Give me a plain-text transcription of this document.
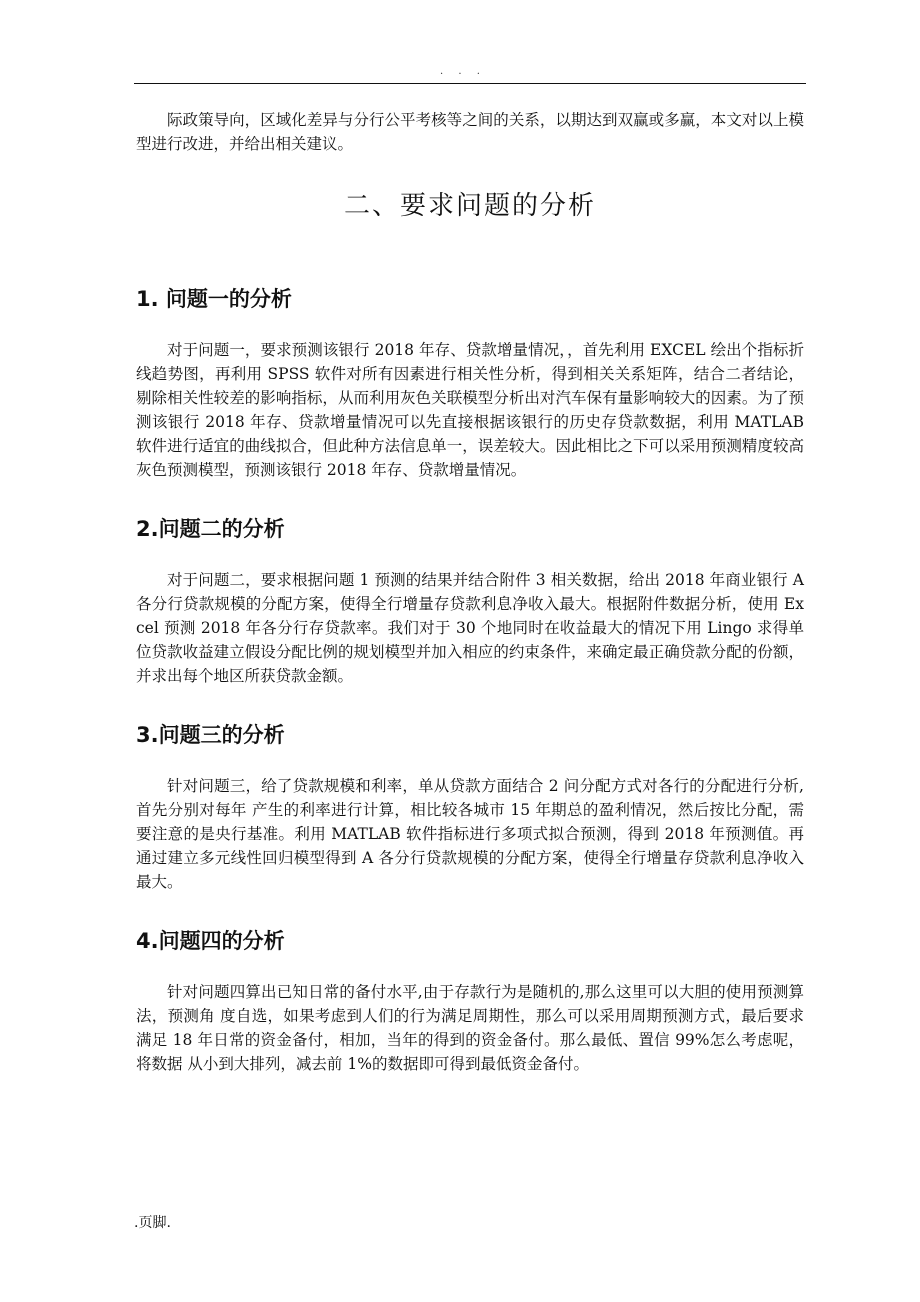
. . .

际政策导向，区域化差异与分行公平考核等之间的关系，以期达到双赢或多赢，本文对以上模型进行改进，并给出相关建议。

二、要求问题的分析
1. 问题一的分析

对于问题一，要求预测该银行 2018 年存、贷款增量情况，，首先利用 EXCEL 绘出个指标折线趋势图，再利用 SPSS 软件对所有因素进行相关性分析，得到相关关系矩阵，结合二者结论，剔除相关性较差的影响指标，从而利用灰色关联模型分析出对汽车保有量影响较大的因素。为了预测该银行 2018 年存、贷款增量情况可以先直接根据该银行的历史存贷款数据，利用 MATLAB 软件进行适宜的曲线拟合，但此种方法信息单一，误差较大。因此相比之下可以采用预测精度较高灰色预测模型，预测该银行 2018 年存、贷款增量情况。

2.问题二的分析

对于问题二，要求根据问题 1 预测的结果并结合附件 3 相关数据，给出 2018 年商业银行 A 各分行贷款规模的分配方案，使得全行增量存贷款利息净收入最大。根据附件数据分析，使用 Excel 预测 2018 年各分行存贷款率。我们对于 30 个地同时在收益最大的情况下用 Lingo 求得单位贷款收益建立假设分配比例的规划模型并加入相应的约束条件，来确定最正确贷款分配的份额，并求出每个地区所获贷款金额。

3.问题三的分析

针对问题三，给了贷款规模和利率，单从贷款方面结合 2 问分配方式对各行的分配进行分析,首先分别对每年 产生的利率进行计算，相比较各城市 15 年期总的盈利情况，然后按比分配，需要注意的是央行基准。利用 MATLAB 软件指标进行多项式拟合预测，得到 2018 年预测值。再通过建立多元线性回归模型得到 A 各分行贷款规模的分配方案，使得全行增量存贷款利息净收入最大。

4.问题四的分析

针对问题四算出已知日常的备付水平,由于存款行为是随机的,那么这里可以大胆的使用预测算法，预测角 度自选，如果考虑到人们的行为满足周期性，那么可以采用周期预测方式，最后要求满足 18 年日常的资金备付，相加，当年的得到的资金备付。那么最低、置信 99%怎么考虑呢，将数据 从小到大排列，减去前 1%的数据即可得到最低资金备付。

.页脚.
